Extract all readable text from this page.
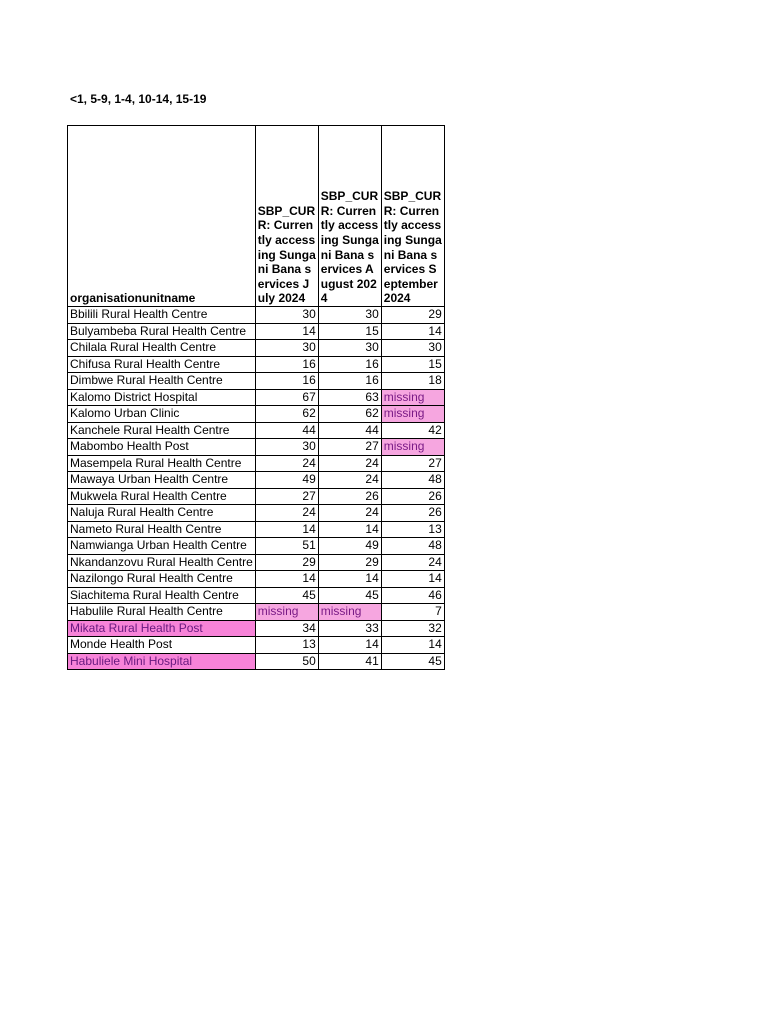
<1, 5-9, 1-4, 10-14, 15-19
organisationunitname	SBP_CURR: Currently accessing Sungani Bana services July 2024	SBP_CURR: Currently accessing Sungani Bana services August 2024	SBP_CURR: Currently accessing Sungani Bana services September 2024
Bbilili Rural Health Centre	30	30	29
Bulyambeba Rural Health Centre	14	15	14
Chilala Rural Health Centre	30	30	30
Chifusa Rural Health Centre	16	16	15
Dimbwe Rural Health Centre	16	16	18
Kalomo District Hospital	67	63	missing
Kalomo Urban Clinic	62	62	missing
Kanchele Rural Health Centre	44	44	42
Mabombo Health Post	30	27	missing
Masempela Rural Health Centre	24	24	27
Mawaya Urban Health Centre	49	24	48
Mukwela Rural Health Centre	27	26	26
Naluja Rural Health Centre	24	24	26
Nameto Rural Health Centre	14	14	13
Namwianga Urban Health Centre	51	49	48
Nkandanzovu Rural Health Centre	29	29	24
Nazilongo Rural Health Centre	14	14	14
Siachitema Rural Health Centre	45	45	46
Habulile Rural Health Centre	missing	missing	7
Mikata Rural Health Post	34	33	32
Monde Health Post	13	14	14
Habuliele Mini Hospital	50	41	45
